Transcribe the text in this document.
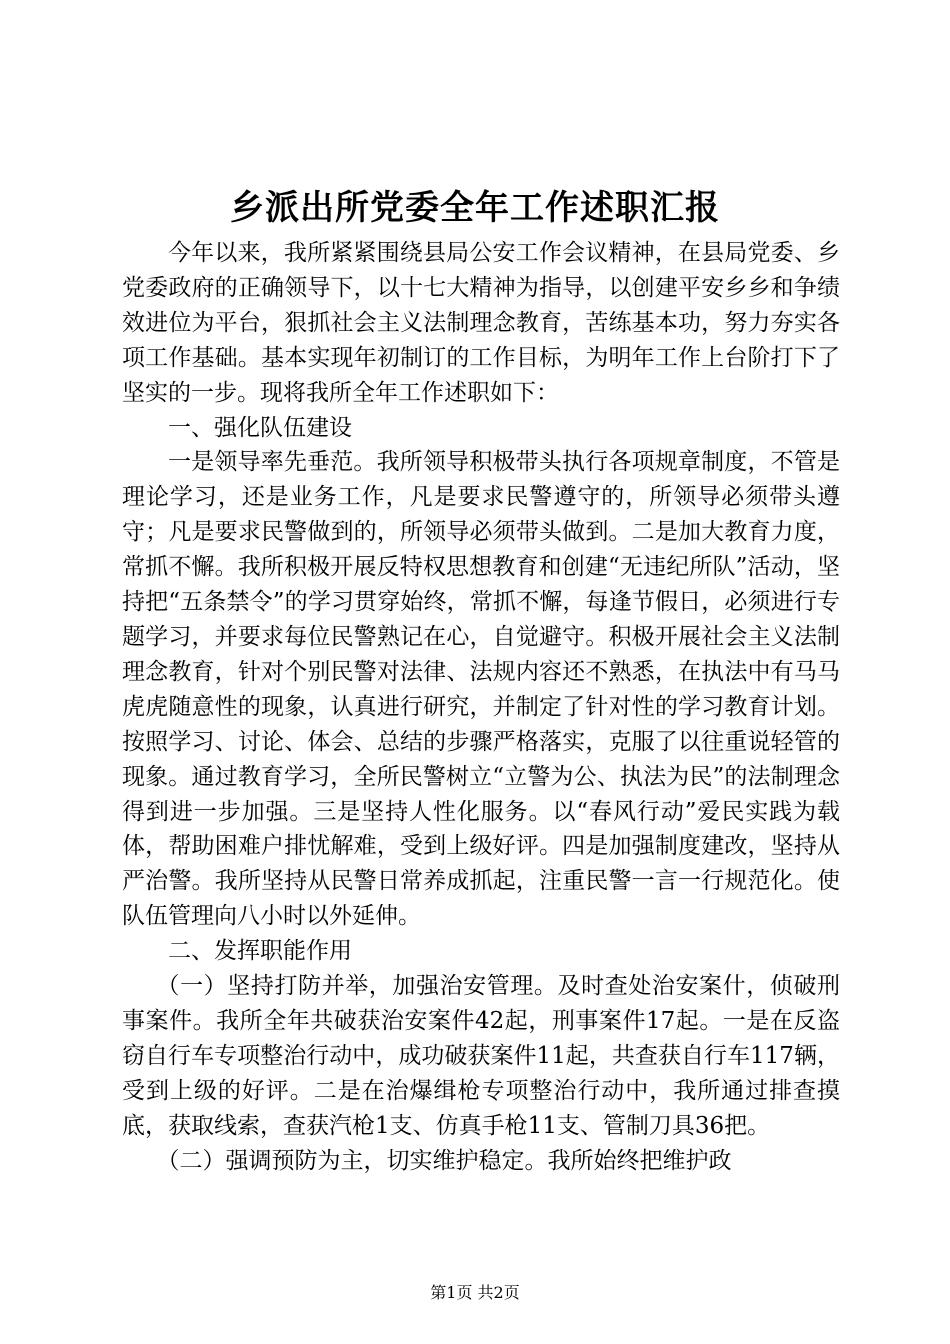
乡派出所党委全年工作述职汇报

今年以来，我所紧紧围绕县局公安工作会议精神，在县局党委、乡党委政府的正确领导下，以十七大精神为指导，以创建平安乡乡和争绩效进位为平台，狠抓社会主义法制理念教育，苦练基本功，努力夯实各项工作基础。基本实现年初制订的工作目标，为明年工作上台阶打下了坚实的一步。现将我所全年工作述职如下：

一、强化队伍建设

一是领导率先垂范。我所领导积极带头执行各项规章制度，不管是理论学习，还是业务工作，凡是要求民警遵守的，所领导必须带头遵守；凡是要求民警做到的，所领导必须带头做到。二是加大教育力度，常抓不懈。我所积极开展反特权思想教育和创建“无违纪所队”活动，坚持把“五条禁令”的学习贯穿始终，常抓不懈，每逢节假日，必须进行专题学习，并要求每位民警熟记在心，自觉避守。积极开展社会主义法制理念教育，针对个别民警对法律、法规内容还不熟悉，在执法中有马马虎虎随意性的现象，认真进行研究，并制定了针对性的学习教育计划。按照学习、讨论、体会、总结的步骤严格落实，克服了以往重说轻管的现象。通过教育学习，全所民警树立“立警为公、执法为民”的法制理念得到进一步加强。三是坚持人性化服务。以“春风行动”爱民实践为载体，帮助困难户排忧解难，受到上级好评。四是加强制度建改，坚持从严治警。我所坚持从民警日常养成抓起，注重民警一言一行规范化。使队伍管理向八小时以外延伸。

二、发挥职能作用

（一）坚持打防并举，加强治安管理。及时查处治安案什，侦破刑事案件。我所全年共破获治安案件42起，刑事案件17起。一是在反盗窃自行车专项整治行动中，成功破获案件11起，共查获自行车117辆，受到上级的好评。二是在治爆缉枪专项整治行动中，我所通过排查摸底，获取线索，查获汽枪1支、仿真手枪11支、管制刀具36把。

（二）强调预防为主，切实维护稳定。我所始终把维护政

第1页 共2页
